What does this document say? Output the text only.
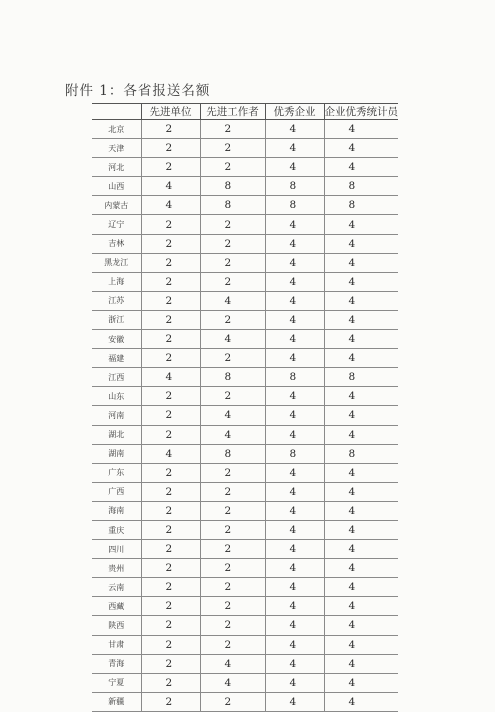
附件 1：各省报送名额
	先进单位	先进工作者	优秀企业	企业优秀统计员
北京	2	2	4	4
天津	2	2	4	4
河北	2	2	4	4
山西	4	8	8	8
内蒙古	4	8	8	8
辽宁	2	2	4	4
吉林	2	2	4	4
黑龙江	2	2	4	4
上海	2	2	4	4
江苏	2	4	4	4
浙江	2	2	4	4
安徽	2	4	4	4
福建	2	2	4	4
江西	4	8	8	8
山东	2	2	4	4
河南	2	4	4	4
湖北	2	4	4	4
湖南	4	8	8	8
广东	2	2	4	4
广西	2	2	4	4
海南	2	2	4	4
重庆	2	2	4	4
四川	2	2	4	4
贵州	2	2	4	4
云南	2	2	4	4
西藏	2	2	4	4
陕西	2	2	4	4
甘肃	2	2	4	4
青海	2	4	4	4
宁夏	2	4	4	4
新疆	2	2	4	4
